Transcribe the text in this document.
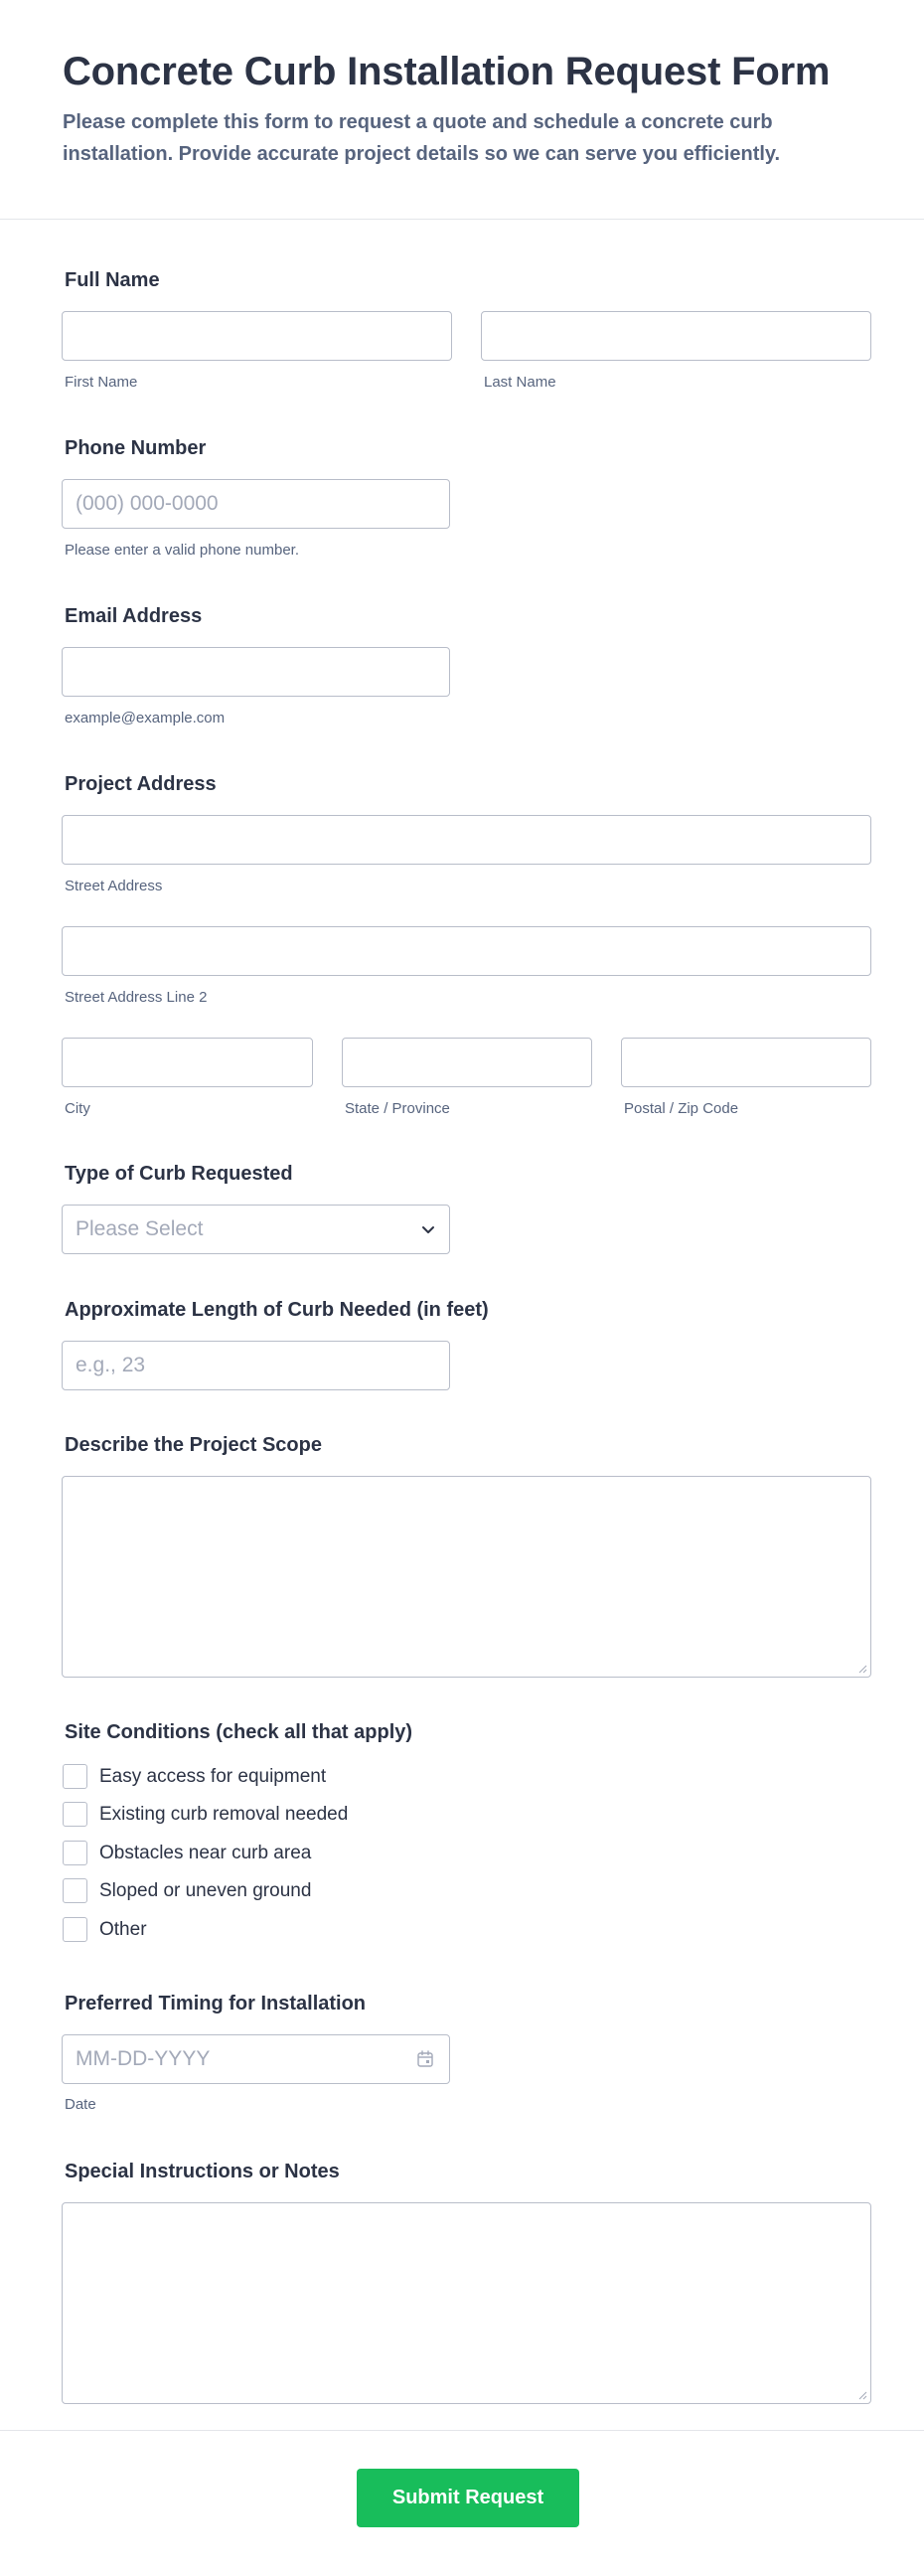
Concrete Curb Installation Request Form
Please complete this form to request a quote and schedule a concrete curb installation. Provide accurate project details so we can serve you efficiently.
Full Name
First Name	Last Name
Phone Number
(000) 000-0000
Please enter a valid phone number.
Email Address
example@example.com
Project Address
Street Address
Street Address Line 2
City	State / Province	Postal / Zip Code
Type of Curb Requested
Please Select
Approximate Length of Curb Needed (in feet)
e.g., 23
Describe the Project Scope
Site Conditions (check all that apply)
Easy access for equipment
Existing curb removal needed
Obstacles near curb area
Sloped or uneven ground
Other
Preferred Timing for Installation
MM-DD-YYYY
Date
Special Instructions or Notes
Submit Request
